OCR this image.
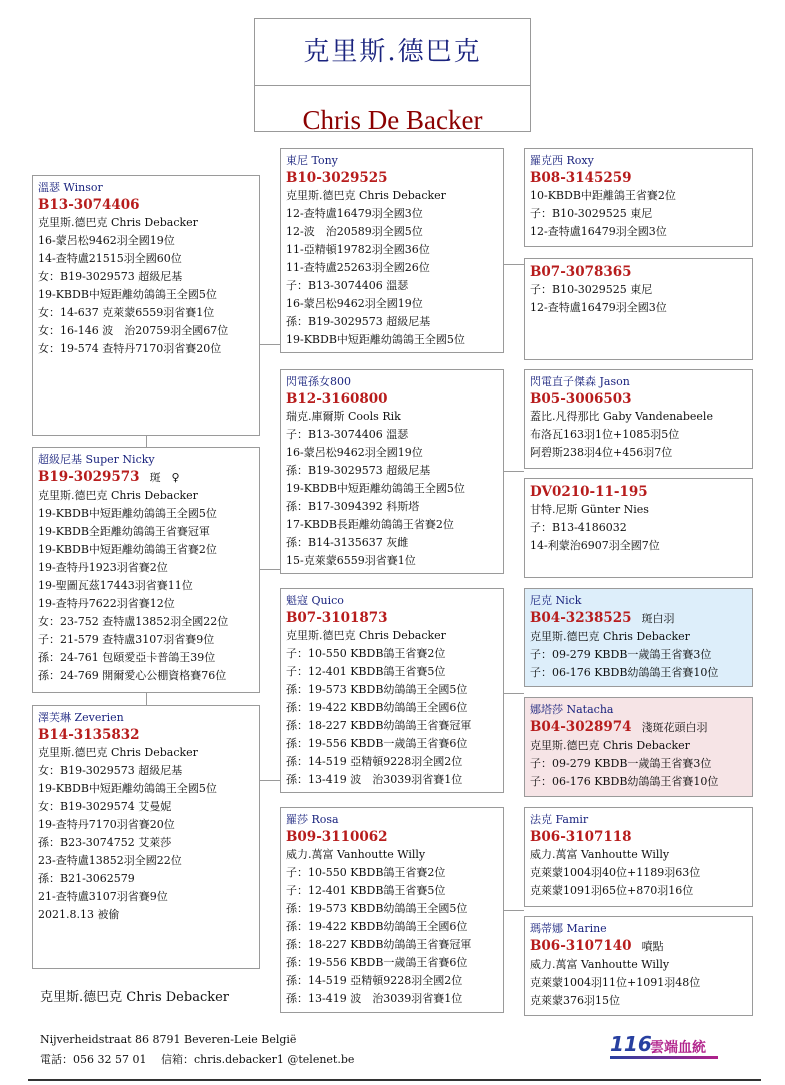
克里斯.德巴克
Chris De Backer
溫瑟 Winsor
B13-3074406
克里斯.德巴克 Chris Debacker
16-蒙呂松9462羽全國19位
14-查特盧21515羽全國60位
女：B19-3029573 超級尼基
19-KBDB中短距離幼鴿鴿王全國5位
女：14-637 克萊蒙6559羽省賽1位
女：16-146 波　治20759羽全國67位
女：19-574 查特丹7170羽省賽20位
超級尼基 Super Nicky
B19-3029573 斑　♀
克里斯.德巴克 Chris Debacker
19-KBDB中短距離幼鴿鴿王全國5位
19-KBDB全距離幼鴿鴿王省賽冠軍
19-KBDB中短距離幼鴿鴿王省賽2位
19-查特丹1923羽省賽2位
19-聖圖瓦茲17443羽省賽11位
19-查特丹7622羽省賽12位
女：23-752 查特盧13852羽全國22位
子：21-579 查特盧3107羽省賽9位
孫：24-761 包頤愛亞卡普鴿王39位
孫：24-769 開爾愛心公棚資格賽76位
澤芙琳 Zeverien
B14-3135832
克里斯.德巴克 Chris Debacker
女：B19-3029573 超級尼基
19-KBDB中短距離幼鴿鴿王全國5位
女：B19-3029574 艾曼妮
19-查特丹7170羽省賽20位
孫：B23-3074752 艾萊莎
23-查特盧13852羽全國22位
孫：B21-3062579
21-查特盧3107羽省賽9位
2021.8.13 被偷
東尼 Tony
B10-3029525
克里斯.德巴克 Chris Debacker
12-查特盧16479羽全國3位
12-波　治20589羽全國5位
11-亞精頓19782羽全國36位
11-查特盧25263羽全國26位
子：B13-3074406 溫瑟
16-蒙呂松9462羽全國19位
孫：B19-3029573 超級尼基
19-KBDB中短距離幼鴿鴿王全國5位
閃電孫女800
B12-3160800
瑞克.庫爾斯 Cools Rik
子：B13-3074406 溫瑟
16-蒙呂松9462羽全國19位
孫：B19-3029573 超級尼基
19-KBDB中短距離幼鴿鴿王全國5位
孫：B17-3094392 科斯塔
17-KBDB長距離幼鴿鴿王省賽2位
孫：B14-3135637 灰雌
15-克萊蒙6559羽省賽1位
魁寇 Quico
B07-3101873
克里斯.德巴克 Chris Debacker
子：10-550 KBDB鴿王省賽2位
子：12-401 KBDB鴿王省賽5位
孫：19-573 KBDB幼鴿鴿王全國5位
孫：19-422 KBDB幼鴿鴿王全國6位
孫：18-227 KBDB幼鴿鴿王省賽冠軍
孫：19-556 KBDB一歲鴿王省賽6位
孫：14-519 亞精頓9228羽全國2位
孫：13-419 波　治3039羽省賽1位
羅莎 Rosa
B09-3110062
威力.萬富 Vanhoutte Willy
子：10-550 KBDB鴿王省賽2位
子：12-401 KBDB鴿王省賽5位
孫：19-573 KBDB幼鴿鴿王全國5位
孫：19-422 KBDB幼鴿鴿王全國6位
孫：18-227 KBDB幼鴿鴿王省賽冠軍
孫：19-556 KBDB一歲鴿王省賽6位
孫：14-519 亞精頓9228羽全國2位
孫：13-419 波　治3039羽省賽1位
羅克西 Roxy
B08-3145259
10-KBDB中距離鴿王省賽2位
子：B10-3029525 東尼
12-查特盧16479羽全國3位
B07-3078365
子：B10-3029525 東尼
12-查特盧16479羽全國3位
閃電直子傑森 Jason
B05-3006503
蓋比.凡得那比 Gaby Vandenabeele
布洛瓦163羽1位+1085羽5位
阿碧斯238羽4位+456羽7位
DV0210-11-195
甘特.尼斯 Günter Nies
子：B13-4186032
14-利蒙治6907羽全國7位
尼克 Nick
B04-3238525 斑白羽
克里斯.德巴克 Chris Debacker
子：09-279 KBDB一歲鴿王省賽3位
子：06-176 KBDB幼鴿鴿王省賽10位
娜塔莎 Natacha
B04-3028974 淺斑花頭白羽
克里斯.德巴克 Chris Debacker
子：09-279 KBDB一歲鴿王省賽3位
子：06-176 KBDB幼鴿鴿王省賽10位
法克 Famir
B06-3107118
威力.萬富 Vanhoutte Willy
克萊蒙1004羽40位+1189羽63位
克萊蒙1091羽65位+870羽16位
瑪蒂娜 Marine
B06-3107140 噴點
威力.萬富 Vanhoutte Willy
克萊蒙1004羽11位+1091羽48位
克萊蒙376羽15位
克里斯.德巴克 Chris Debacker
Nijverheidstraat 86 8791 Beveren-Leie België
電話：056 32 57 01　 信箱：chris.debacker1 @telenet.be
116
雲端血統
